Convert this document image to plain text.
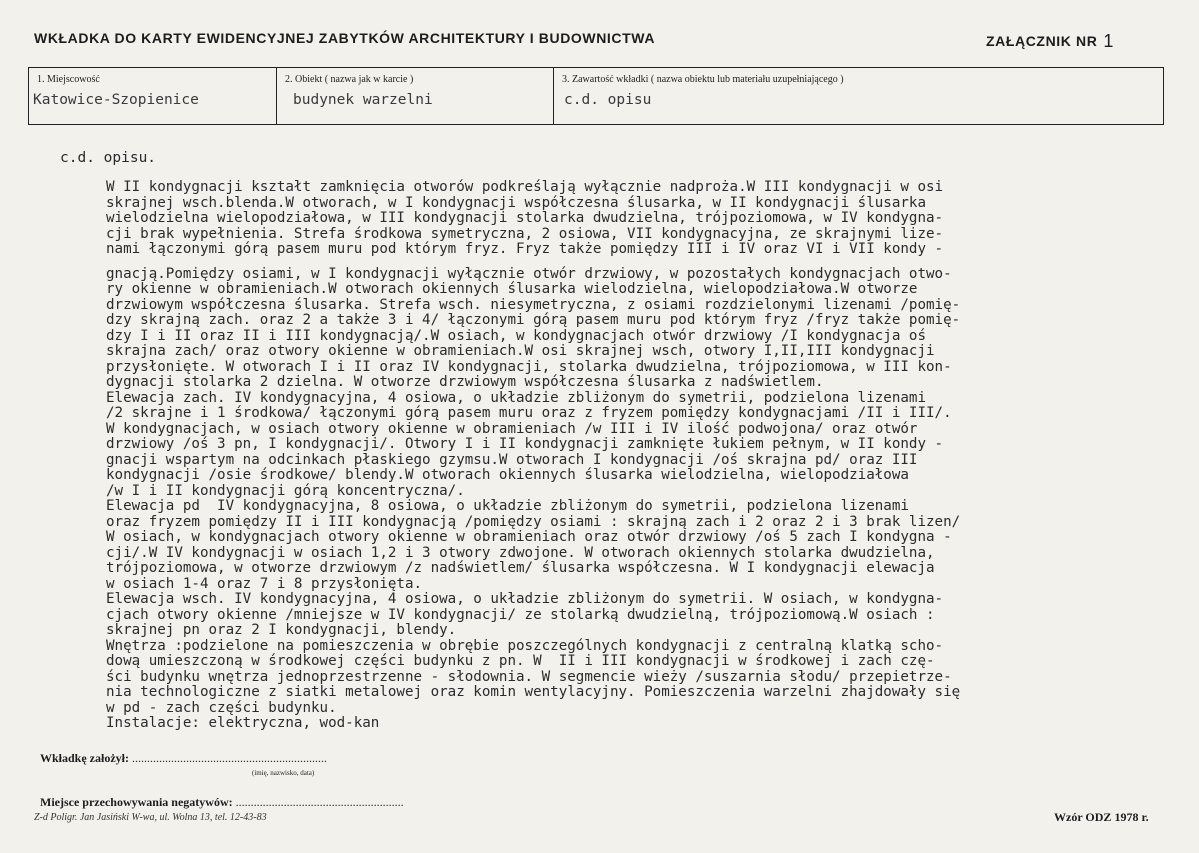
WKŁADKA DO KARTY EWIDENCYJNEJ ZABYTKÓW ARCHITEKTURY I BUDOWNICTWA	ZAŁĄCZNIK NR 1
1. Miejscowość
Katowice-Szopienice
2. Obiekt ( nazwa jak w karcie )
budynek warzelni
3. Zawartość wkładki ( nazwa obiektu lub materiału uzupełniającego )
c.d. opisu
c.d. opisu.
W II kondygnacji kształt zamknięcia otworów podkreślają wyłącznie nadproża.W III kondygnacji w osi
skrajnej wsch.blenda.W otworach, w I kondygnacji współczesna ślusarka, w II kondygnacji ślusarka
wielodzielna wielopodziałowa, w III kondygnacji stolarka dwudzielna, trójpoziomowa, w IV kondygna-
cji brak wypełnienia. Strefa środkowa symetryczna, 2 osiowa, VII kondygnacyjna, ze skrajnymi lize-
nami łączonymi górą pasem muru pod którym fryz. Fryz także pomiędzy III i IV oraz VI i VII kondy -
gnacją.Pomiędzy osiami, w I kondygnacji wyłącznie otwór drzwiowy, w pozostałych kondygnacjach otwo-
ry okienne w obramieniach.W otworach okiennych ślusarka wielodzielna, wielopodziałowa.W otworze
drzwiowym współczesna ślusarka. Strefa wsch. niesymetryczna, z osiami rozdzielonymi lizenami /pomię-
dzy skrajną zach. oraz 2 a także 3 i 4/ łączonymi górą pasem muru pod którym fryz /fryz także pomię-
dzy I i II oraz II i III kondygnacją/.W osiach, w kondygnacjach otwór drzwiowy /I kondygnacja oś
skrajna zach/ oraz otwory okienne w obramieniach.W osi skrajnej wsch, otwory I,II,III kondygnacji
przysłonięte. W otworach I i II oraz IV kondygnacji, stolarka dwudzielna, trójpoziomowa, w III kon-
dygnacji stolarka 2 dzielna. W otworze drzwiowym współczesna ślusarka z nadświetlem.
Elewacja zach. IV kondygnacyjna, 4 osiowa, o układzie zbliżonym do symetrii, podzielona lizenami
/2 skrajne i 1 środkowa/ łączonymi górą pasem muru oraz z fryzem pomiędzy kondygnacjami /II i III/.
W kondygnacjach, w osiach otwory okienne w obramieniach /w III i IV ilość podwojona/ oraz otwór
drzwiowy /oś 3 pn, I kondygnacji/. Otwory I i II kondygnacji zamknięte łukiem pełnym, w II kondy -
gnacji wspartym na odcinkach płaskiego gzymsu.W otworach I kondygnacji /oś skrajna pd/ oraz III
kondygnacji /osie środkowe/ blendy.W otworach okiennych ślusarka wielodzielna, wielopodziałowa
/w I i II kondygnacji górą koncentryczna/.
Elewacja pd  IV kondygnacyjna, 8 osiowa, o układzie zbliżonym do symetrii, podzielona lizenami
oraz fryzem pomiędzy II i III kondygnacją /pomiędzy osiami : skrajną zach i 2 oraz 2 i 3 brak lizen/
W osiach, w kondygnacjach otwory okienne w obramieniach oraz otwór drzwiowy /oś 5 zach I kondygna -
cji/.W IV kondygnacji w osiach 1,2 i 3 otwory zdwojone. W otworach okiennych stolarka dwudzielna,
trójpoziomowa, w otworze drzwiowym /z nadświetlem/ ślusarka współczesna. W I kondygnacji elewacja
w osiach 1-4 oraz 7 i 8 przysłonięta.
Elewacja wsch. IV kondygnacyjna, 4 osiowa, o układzie zbliżonym do symetrii. W osiach, w kondygna-
cjach otwory okienne /mniejsze w IV kondygnacji/ ze stolarką dwudzielną, trójpoziomową.W osiach :
skrajnej pn oraz 2 I kondygnacji, blendy.
Wnętrza :podzielone na pomieszczenia w obrębie poszczególnych kondygnacji z centralną klatką scho-
dową umieszczoną w środkowej części budynku z pn. W  II i III kondygnacji w środkowej i zach czę-
ści budynku wnętrza jednoprzestrzenne - słodownia. W segmencie wieży /suszarnia słodu/ przepietrze-
nia technologiczne z siatki metalowej oraz komin wentylacyjny. Pomieszczenia warzelni zhajdowały się
w pd - zach części budynku.
Instalacje: elektryczna, wod-kan
Wkładkę założył: .................................................................
(imię, nazwisko, data)
Miejsce przechowywania negatywów: ........................................................
Z-d Poligr. Jan Jasiński W-wa, ul. Wolna 13, tel. 12-43-83	Wzór ODZ 1978 r.
